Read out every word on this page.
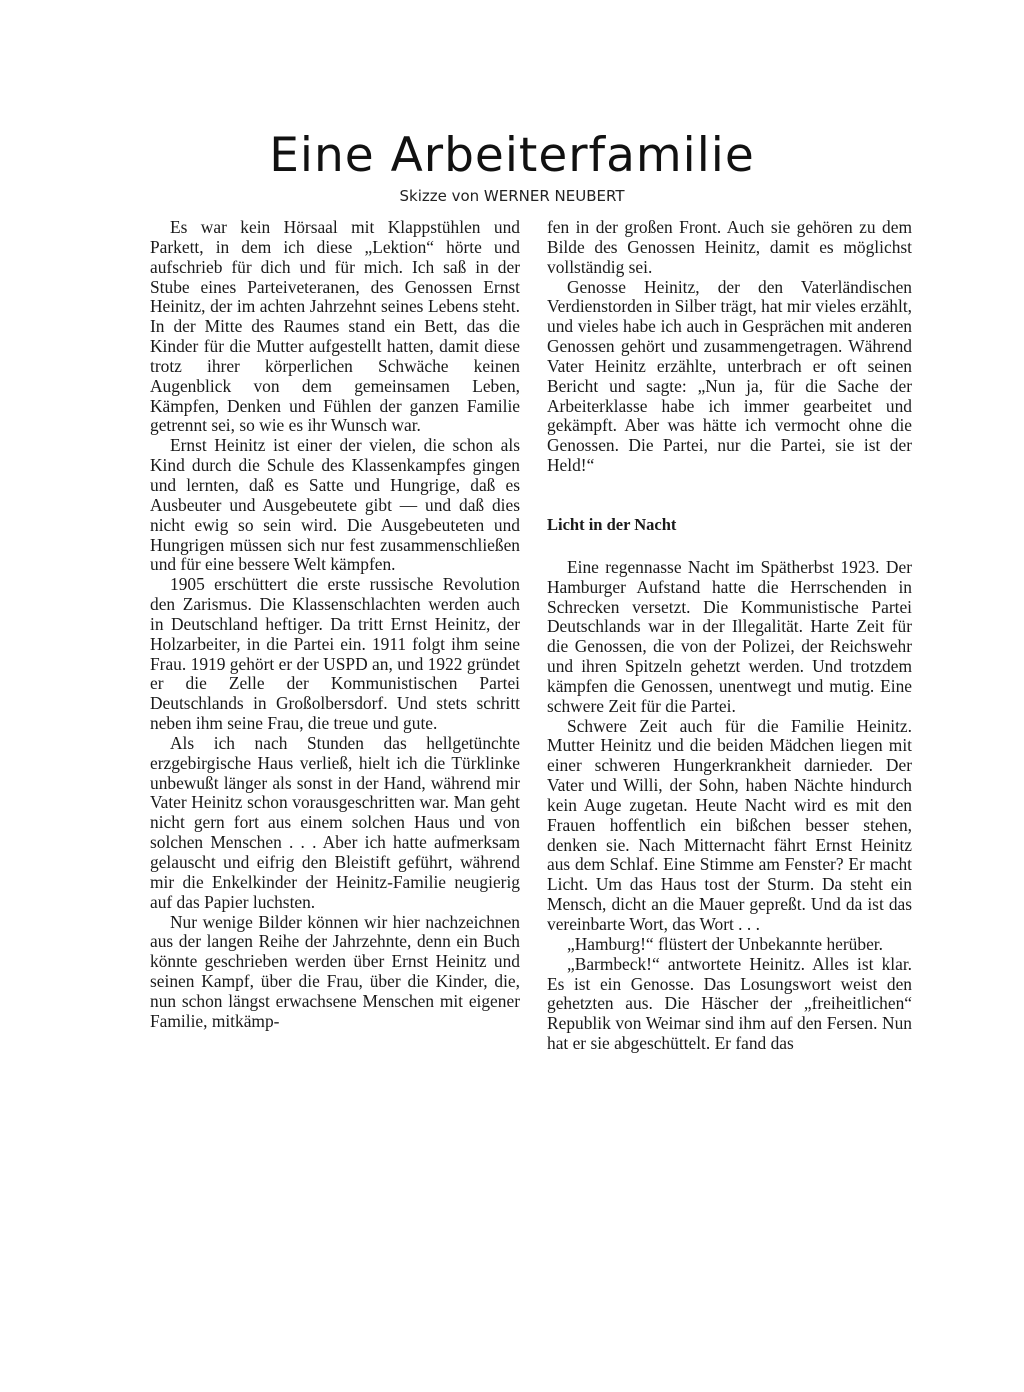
Eine Arbeiterfamilie
Skizze von WERNER NEUBERT

Es war kein Hörsaal mit Klappstühlen und Parkett, in dem ich diese „Lektion“ hörte und aufschrieb für dich und für mich. Ich saß in der Stube eines Parteiveteranen, des Genossen Ernst Heinitz, der im achten Jahrzehnt seines Lebens steht. In der Mitte des Raumes stand ein Bett, das die Kinder für die Mutter aufgestellt hatten, damit diese trotz ihrer körperlichen Schwäche keinen Augenblick von dem gemeinsamen Leben, Kämpfen, Denken und Fühlen der ganzen Familie getrennt sei, so wie es ihr Wunsch war.

Ernst Heinitz ist einer der vielen, die schon als Kind durch die Schule des Klassenkampfes gingen und lernten, daß es Satte und Hungrige, daß es Ausbeuter und Ausgebeutete gibt — und daß dies nicht ewig so sein wird. Die Ausgebeuteten und Hungrigen müssen sich nur fest zusammenschließen und für eine bessere Welt kämpfen.

1905 erschüttert die erste russische Revolution den Zarismus. Die Klassenschlachten werden auch in Deutschland heftiger. Da tritt Ernst Heinitz, der Holzarbeiter, in die Partei ein. 1911 folgt ihm seine Frau. 1919 gehört er der USPD an, und 1922 gründet er die Zelle der Kommunistischen Partei Deutschlands in Großolbersdorf. Und stets schritt neben ihm seine Frau, die treue und gute.

Als ich nach Stunden das hellgetünchte erzgebirgische Haus verließ, hielt ich die Türklinke unbewußt länger als sonst in der Hand, während mir Vater Heinitz schon vorausgeschritten war. Man geht nicht gern fort aus einem solchen Haus und von solchen Menschen . . . Aber ich hatte aufmerksam gelauscht und eifrig den Bleistift geführt, während mir die Enkelkinder der Heinitz-Familie neugierig auf das Papier luchsten.

Nur wenige Bilder können wir hier nachzeichnen aus der langen Reihe der Jahrzehnte, denn ein Buch könnte geschrieben werden über Ernst Heinitz und seinen Kampf, über die Frau, über die Kinder, die, nun schon längst erwachsene Menschen mit eigener Familie, mitkämp-

fen in der großen Front. Auch sie gehören zu dem Bilde des Genossen Heinitz, damit es möglichst vollständig sei.

Genosse Heinitz, der den Vaterländischen Verdienstorden in Silber trägt, hat mir vieles erzählt, und vieles habe ich auch in Gesprächen mit anderen Genossen gehört und zusammengetragen. Während Vater Heinitz erzählte, unterbrach er oft seinen Bericht und sagte: „Nun ja, für die Sache der Arbeiterklasse habe ich immer gearbeitet und gekämpft. Aber was hätte ich vermocht ohne die Genossen. Die Partei, nur die Partei, sie ist der Held!“

Licht in der Nacht

Eine regennasse Nacht im Spätherbst 1923. Der Hamburger Aufstand hatte die Herrschenden in Schrecken versetzt. Die Kommunistische Partei Deutschlands war in der Illegalität. Harte Zeit für die Genossen, die von der Polizei, der Reichswehr und ihren Spitzeln gehetzt werden. Und trotzdem kämpfen die Genossen, unentwegt und mutig. Eine schwere Zeit für die Partei.

Schwere Zeit auch für die Familie Heinitz. Mutter Heinitz und die beiden Mädchen liegen mit einer schweren Hungerkrankheit darnieder. Der Vater und Willi, der Sohn, haben Nächte hindurch kein Auge zugetan. Heute Nacht wird es mit den Frauen hoffentlich ein bißchen besser stehen, denken sie. Nach Mitternacht fährt Ernst Heinitz aus dem Schlaf. Eine Stimme am Fenster? Er macht Licht. Um das Haus tost der Sturm. Da steht ein Mensch, dicht an die Mauer gepreßt. Und da ist das vereinbarte Wort, das Wort . . .

„Hamburg!“ flüstert der Unbekannte herüber.

„Barmbeck!“ antwortete Heinitz. Alles ist klar. Es ist ein Genosse. Das Losungswort weist den gehetzten aus. Die Häscher der „freiheitlichen“ Republik von Weimar sind ihm auf den Fersen. Nun hat er sie abgeschüttelt. Er fand das
